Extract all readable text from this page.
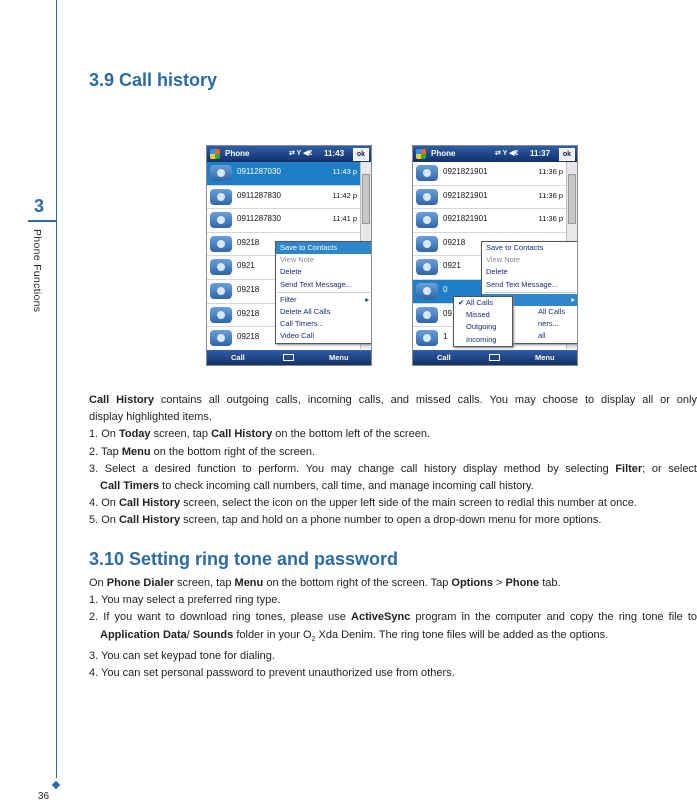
3
Phone Functions
36
3.9 Call history
Phone	⇄ Y ◀€ 11:43	ok
0911287030	11:43 p
0911287830	11:42 p
0911287830	11:41 p
09218
0921
09218
09218
09218
Save to Contacts
View Note
Delete
Send Text Message...
Filter	▸
Delete All Calls
Call Timers...
Video Call
Call	Menu
Phone	⇄ Y ◀€ 11:37	ok
0921821901	11:36 p
0921821901	11:36 p
0921821901	11:36 p
09218
0921
0
09
1
Save to Contacts
View Note
Delete
Send Text Message...

▸
All Calls
ners...
all
✔ All Calls
Missed
Outgoing
Incoming
Call	Menu
Call History contains all outgoing calls, incoming calls, and missed calls. You may choose to display all or only
display highlighted items.
1. On Today screen, tap Call History on the bottom left of the screen.
2. Tap Menu on the bottom right of the screen.
3. Select a desired function to perform. You may change call history display method by selecting Filter; or select
Call Timers to check incoming call numbers, call time, and manage incoming call history.
4. On Call History screen, select the icon on the upper left side of the main screen to redial this number at once.
5. On Call History screen, tap and hold on a phone number to open a drop-down menu for more options.
3.10 Setting ring tone and password
On Phone Dialer screen, tap Menu on the bottom right of the screen. Tap Options > Phone tab.
1. You may select a preferred ring type.
2. If you want to download ring tones, please use ActiveSync program in the computer and copy the ring tone file to
Application Data/ Sounds folder in your $O_2$ Xda Denim. The ring tone files will be added as the options.
3. You can set keypad tone for dialing.
4. You can set personal password to prevent unauthorized use from others.
